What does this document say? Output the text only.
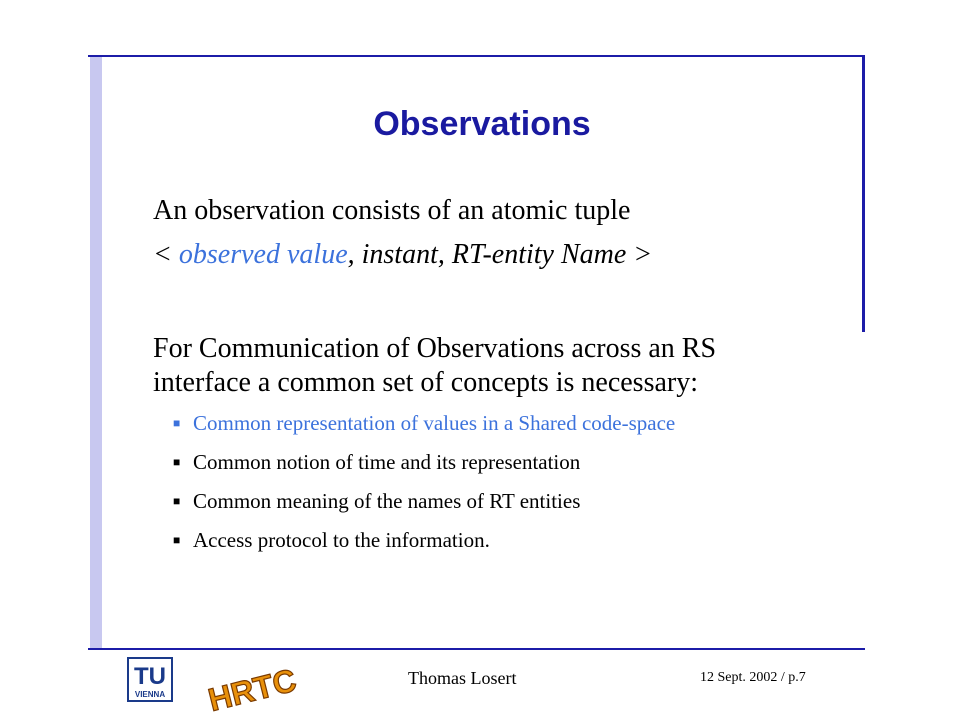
Observations
An observation consists of an atomic tuple
< observed value, instant, RT-entity Name >
For Communication of Observations across an RS
interface a common set of concepts is necessary:
■ Common representation of values in a Shared code-space
■ Common notion of time and its representation
■ Common meaning of the names of RT entities
■ Access protocol to the information.
TU
VIENNA HRTC	Thomas Losert	12 Sept. 2002 / p.7
